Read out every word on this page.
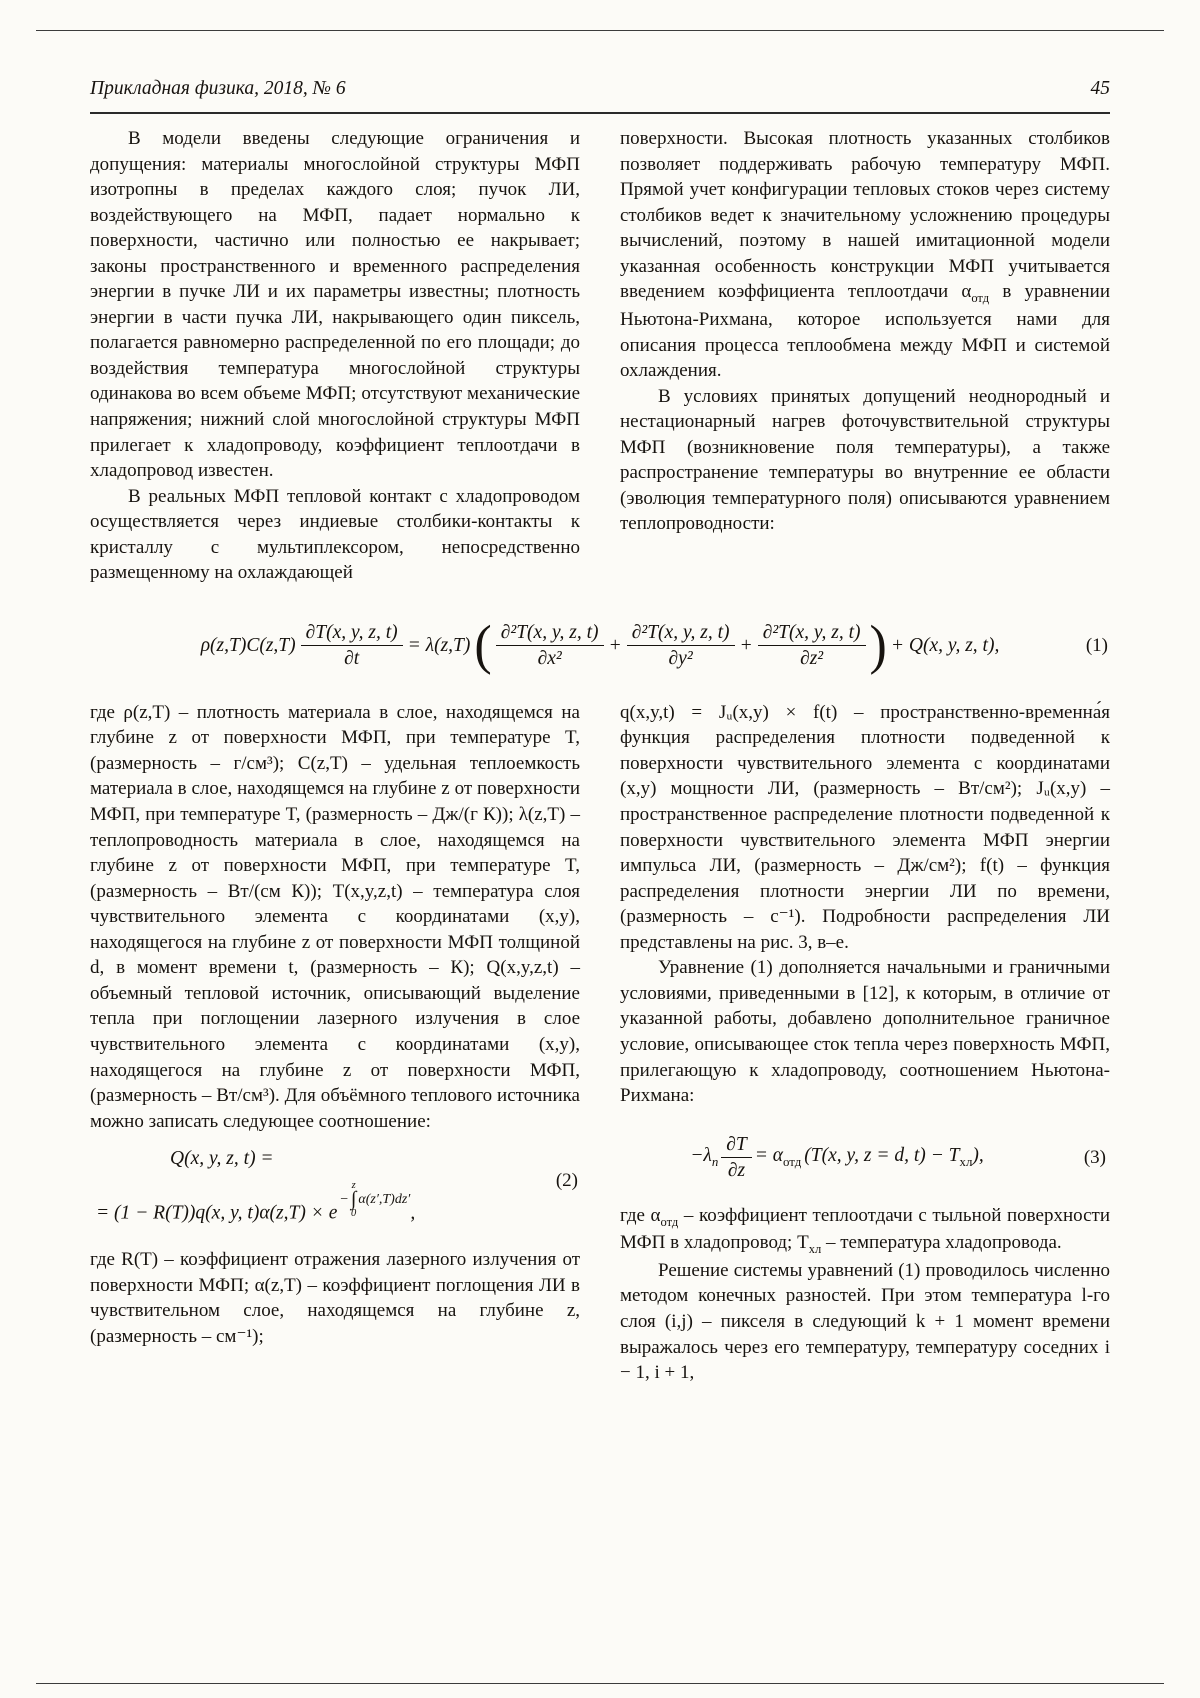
Прикладная физика, 2018, № 6	45

В модели введены следующие ограничения и допущения: материалы многослойной структуры МФП изотропны в пределах каждого слоя; пучок ЛИ, воздействующего на МФП, падает нормально к поверхности, частично или полностью ее накрывает; законы пространственного и временного распределения энергии в пучке ЛИ и их параметры известны; плотность энергии в части пучка ЛИ, накрывающего один пиксель, полагается равномерно распределенной по его площади; до воздействия температура многослойной структуры одинакова во всем объеме МФП; отсутствуют механические напряжения; нижний слой многослойной структуры МФП прилегает к хладопроводу, коэффициент теплоотдачи в хладопровод известен.

В реальных МФП тепловой контакт с хладопроводом осуществляется через индиевые столбики-контакты к кристаллу с мультиплексором, непосредственно размещенному на охлаждающей

поверхности. Высокая плотность указанных столбиков позволяет поддерживать рабочую температуру МФП. Прямой учет конфигурации тепловых стоков через систему столбиков ведет к значительному усложнению процедуры вычислений, поэтому в нашей имитационной модели указанная особенность конструкции МФП учитывается введением коэффициента теплоотдачи $\alpha_{отд}$ в уравнении Ньютона-Рихмана, которое используется нами для описания процесса теплообмена между МФП и системой охлаждения.

В условиях принятых допущений неоднородный и нестационарный нагрев фоточувствительной структуры МФП (возникновение поля температуры), а также распространение температуры во внутренние ее области (эволюция температурного поля) описываются уравнением теплопроводности:

$\rho(z,T)C(z,T) \frac{\partial T(x, y, z, t)}{\partial t} = \lambda(z,T)$ ( $\frac{\text{∂²T(x, y, z, t)}}{\text{∂x²}} + \frac{\text{∂²T(x, y, z, t)}}{\text{∂y²}} + \frac{\text{∂²T(x, y, z, t)}}{\text{∂z²}}$ ) + Q(x, y, z, t),	(1)

где ρ(z,T) – плотность материала в слое, находящемся на глубине z от поверхности МФП, при температуре T, (размерность – г/см³); C(z,T) – удельная теплоемкость материала в слое, находящемся на глубине z от поверхности МФП, при температуре T, (размерность – Дж/(г К)); λ(z,T) – теплопроводность материала в слое, находящемся на глубине z от поверхности МФП, при температуре T, (размерность – Вт/(см К)); T(x,y,z,t) – температура слоя чувствительного элемента с координатами (x,y), находящегося на глубине z от поверхности МФП толщиной d, в момент времени t, (размерность – К); Q(x,y,z,t) – объемный тепловой источник, описывающий выделение тепла при поглощении лазерного излучения в слое чувствительного элемента с координатами (x,y), находящегося на глубине z от поверхности МФП, (размерность – Вт/см³). Для объёмного теплового источника можно записать следующее соотношение:

Q(x, y, z, t) =
= (1 − R(T))q(x, y, t)α(z,T) × e
−
z
∫
0
α(z′,T)dz′
,
(2)

где R(T) – коэффициент отражения лазерного излучения от поверхности МФП; α(z,T) – коэффициент поглощения ЛИ в чувствительном слое, находящемся на глубине z, (размерность – см⁻¹);

q(x,y,t) = Jᵤ(x,y) × f(t) – пространственно-временна́я функция распределения плотности подведенной к поверхности чувствительного элемента с координатами (x,y) мощности ЛИ, (размерность – Вт/см²); Jᵤ(x,y) – пространственное распределение плотности подведенной к поверхности чувствительного элемента МФП энергии импульса ЛИ, (размерность – Дж/см²); f(t) – функция распределения плотности энергии ЛИ по времени, (размерность – с⁻¹). Подробности распределения ЛИ представлены на рис. 3, в–е.

Уравнение (1) дополняется начальными и граничными условиями, приведенными в [12], к которым, в отличие от указанной работы, добавлено дополнительное граничное условие, описывающее сток тепла через поверхность МФП, прилегающую к хладопроводу, соотношением Ньютона-Рихмана:

$-\lambda_n \frac{\partial T}{\partial z} = \alpha_{отд}$ (T(x, y, z = d, $t) - T_{хл}$),	(3)

где $\alpha_{отд}$ – коэффициент теплоотдачи с тыльной поверхности МФП в хладопровод; $T_{хл}$ – температура хладопровода.

Решение системы уравнений (1) проводилось численно методом конечных разностей. При этом температура l-го слоя (i,j) – пикселя в следующий k + 1 момент времени выражалось через его температуру, температуру соседних i − 1, i + 1,
